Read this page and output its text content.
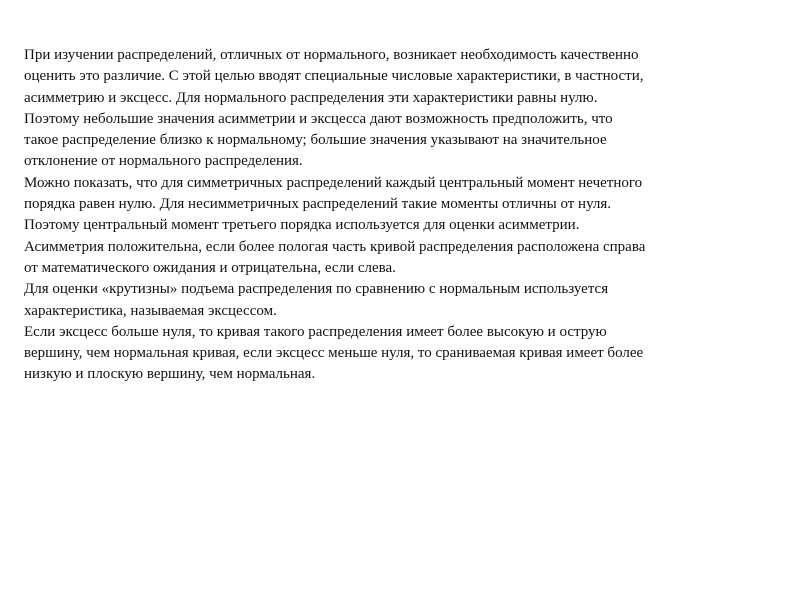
При изучении распределений, отличных от нормального, возникает необходимость качественно
оценить это различие. С этой целью вводят специальные числовые характеристики, в частности,
асимметрию и эксцесс. Для нормального распределения эти характеристики равны нулю.
Поэтому небольшие значения асимметрии и эксцесса дают возможность предположить, что
такое распределение близко к нормальному; большие значения указывают на значительное
отклонение от нормального распределения.
Можно показать, что для симметричных распределений каждый центральный момент нечетного
порядка равен нулю. Для несимметричных распределений такие моменты отличны от нуля.
Поэтому центральный момент третьего порядка используется для оценки асимметрии.
Асимметрия положительна, если более пологая часть кривой распределения расположена справа
от математического ожидания и отрицательна, если слева.
Для оценки «крутизны» подъема распределения по сравнению с нормальным используется
характеристика, называемая эксцессом.
Если эксцесс больше нуля, то кривая такого распределения имеет более высокую и острую
вершину, чем нормальная кривая, если эксцесс меньше нуля, то сраниваемая кривая имеет более
низкую и плоскую вершину, чем нормальная.
